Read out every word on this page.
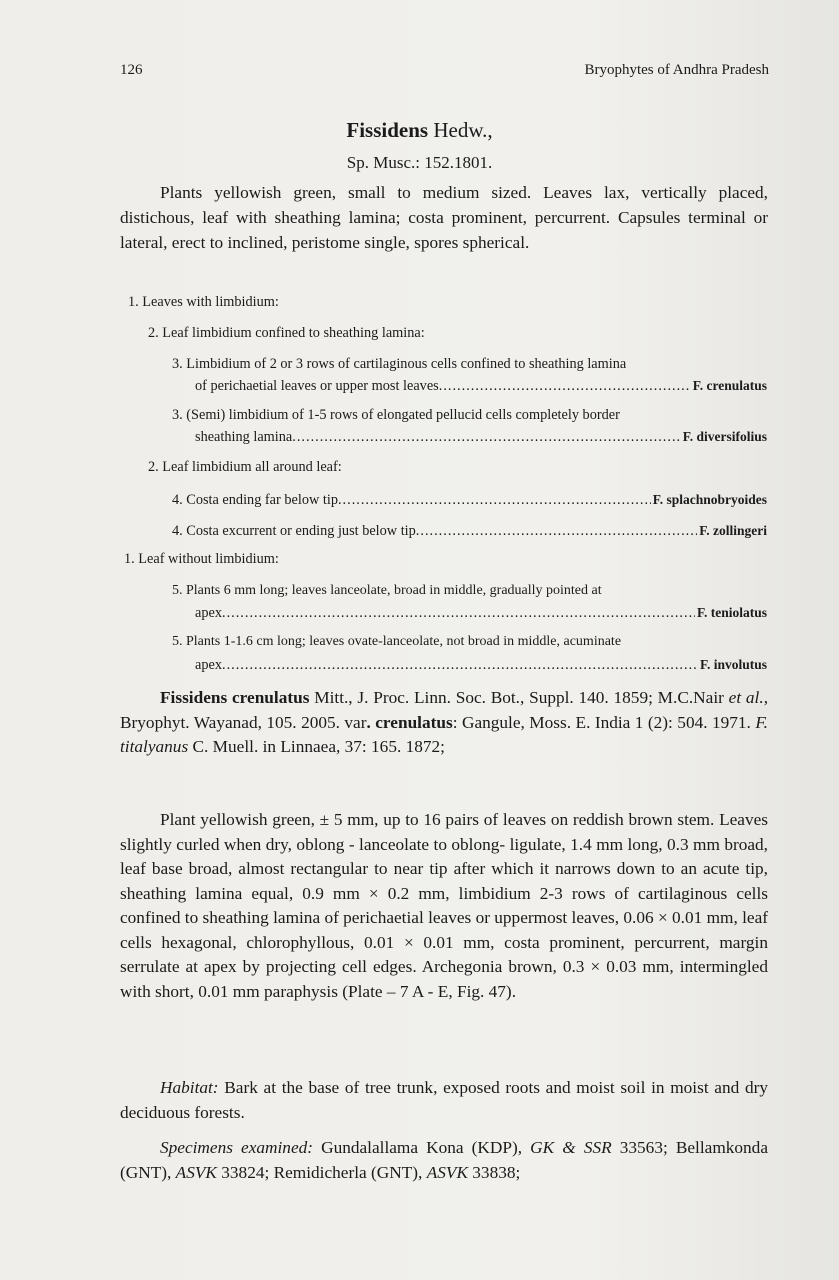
126	Bryophytes of Andhra Pradesh
Fissidens Hedw.,
Sp. Musc.: 152.1801.
Plants yellowish green, small to medium sized. Leaves lax, vertically placed, distichous, leaf with sheathing lamina; costa prominent, percurrent. Capsules terminal or lateral, erect to inclined, peristome single, spores spherical.
1. Leaves with limbidium:
2. Leaf limbidium confined to sheathing lamina:
3. Limbidium of 2 or 3 rows of cartilaginous cells confined to sheathing lamina
of perichaetial leaves or upper most leaves .....	F. crenulatus
3. (Semi) limbidium of 1-5 rows of elongated pellucid cells completely border
sheathing lamina .....	F. diversifolius
2. Leaf limbidium all around leaf:
4. Costa ending far below tip .....	F. splachnobryoides
4. Costa excurrent or ending just below tip .....	F. zollingeri
1. Leaf without limbidium:
5. Plants 6 mm long; leaves lanceolate, broad in middle, gradually pointed at
apex .....	F. teniolatus
5. Plants 1-1.6 cm long; leaves ovate-lanceolate, not broad in middle, acuminate
apex .....	F. involutus
Fissidens crenulatus Mitt., J. Proc. Linn. Soc. Bot., Suppl. 140. 1859; M.C.Nair et al., Bryophyt. Wayanad, 105. 2005. var. crenulatus: Gangule, Moss. E. India 1 (2): 504. 1971. F. titalyanus C. Muell. in Linnaea, 37: 165. 1872;
Plant yellowish green, ± 5 mm, up to 16 pairs of leaves on reddish brown stem. Leaves slightly curled when dry, oblong - lanceolate to oblong- ligulate, 1.4 mm long, 0.3 mm broad, leaf base broad, almost rectangular to near tip after which it narrows down to an acute tip, sheathing lamina equal, 0.9 mm × 0.2 mm, limbidium 2-3 rows of cartilaginous cells confined to sheathing lamina of perichaetial leaves or uppermost leaves, 0.06 × 0.01 mm, leaf cells hexagonal, chlorophyllous, 0.01 × 0.01 mm, costa prominent, percurrent, margin serrulate at apex by projecting cell edges. Archegonia brown, 0.3 × 0.03 mm, intermingled with short, 0.01 mm paraphysis (Plate – 7 A - E, Fig. 47).
Habitat: Bark at the base of tree trunk, exposed roots and moist soil in moist and dry deciduous forests.
Specimens examined: Gundalallama Kona (KDP), GK & SSR 33563; Bellamkonda (GNT), ASVK 33824; Remidicherla (GNT), ASVK 33838;
